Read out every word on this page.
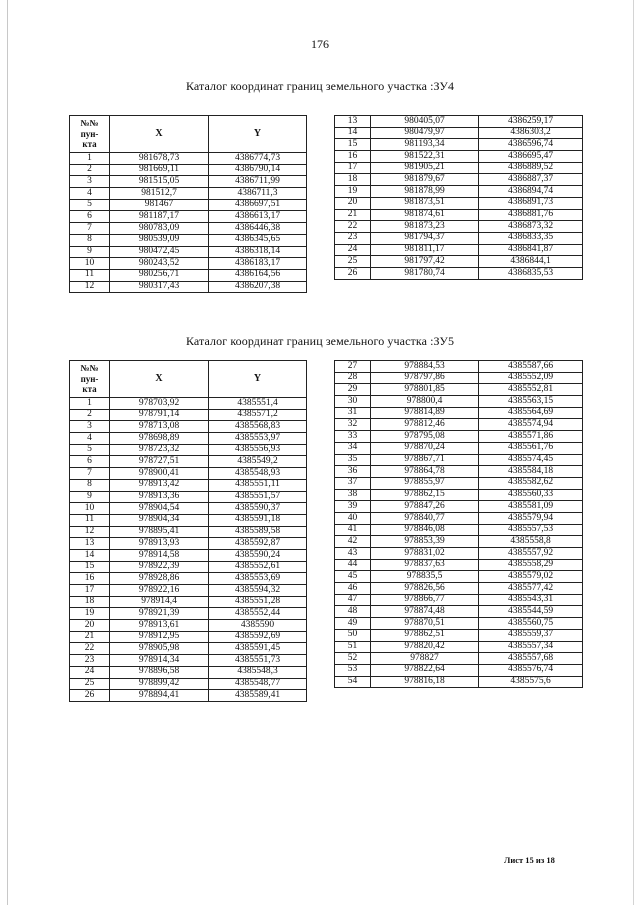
176
Каталог координат границ земельного участка :ЗУ4
№№
пун-
кта	X	Y
1	981678,73	4386774,73
2	981669,11	4386790,14
3	981515,05	4386711,99
4	981512,7	4386711,3
5	981467	4386697,51
6	981187,17	4386613,17
7	980783,09	4386446,38
8	980539,09	4386345,65
9	980472,45	4386318,14
10	980243,52	4386183,17
11	980256,71	4386164,56
12	980317,43	4386207,38
13	980405,07	4386259,17
14	980479,97	4386303,2
15	981193,34	4386596,74
16	981522,31	4386695,47
17	981905,21	4386889,52
18	981879,67	4386887,37
19	981878,99	4386894,74
20	981873,51	4386891,73
21	981874,61	4386881,76
22	981873,23	4386873,32
23	981794,37	4386833,35
24	981811,17	4386841,87
25	981797,42	4386844,1
26	981780,74	4386835,53
Каталог координат границ земельного участка :ЗУ5
№№
пун-
кта	X	Y
1	978703,92	4385551,4
2	978791,14	4385571,2
3	978713,08	4385568,83
4	978698,89	4385553,97
5	978723,32	4385556,93
6	978727,51	4385549,2
7	978900,41	4385548,93
8	978913,42	4385551,11
9	978913,36	4385551,57
10	978904,54	4385590,37
11	978904,34	4385591,18
12	978895,41	4385589,58
13	978913,93	4385592,87
14	978914,58	4385590,24
15	978922,39	4385552,61
16	978928,86	4385553,69
17	978922,16	4385594,32
18	978914,4	4385551,28
19	978921,39	4385552,44
20	978913,61	4385590
21	978912,95	4385592,69
22	978905,98	4385591,45
23	978914,34	4385551,73
24	978896,58	4385548,3
25	978899,42	4385548,77
26	978894,41	4385589,41
27	978884,53	4385587,66
28	978797,86	4385552,09
29	978801,85	4385552,81
30	978800,4	4385563,15
31	978814,89	4385564,69
32	978812,46	4385574,94
33	978795,08	4385571,86
34	978870,24	4385561,76
35	978867,71	4385574,45
36	978864,78	4385584,18
37	978855,97	4385582,62
38	978862,15	4385560,33
39	978847,26	4385581,09
40	978840,77	4385579,94
41	978846,08	4385557,53
42	978853,39	4385558,8
43	978831,02	4385557,92
44	978837,63	4385558,29
45	978835,5	4385579,02
46	978826,56	4385577,42
47	978866,77	4385543,31
48	978874,48	4385544,59
49	978870,51	4385560,75
50	978862,51	4385559,37
51	978820,42	4385557,34
52	978827	4385557,68
53	978822,64	4385576,74
54	978816,18	4385575,6
Лист 15 из 18
